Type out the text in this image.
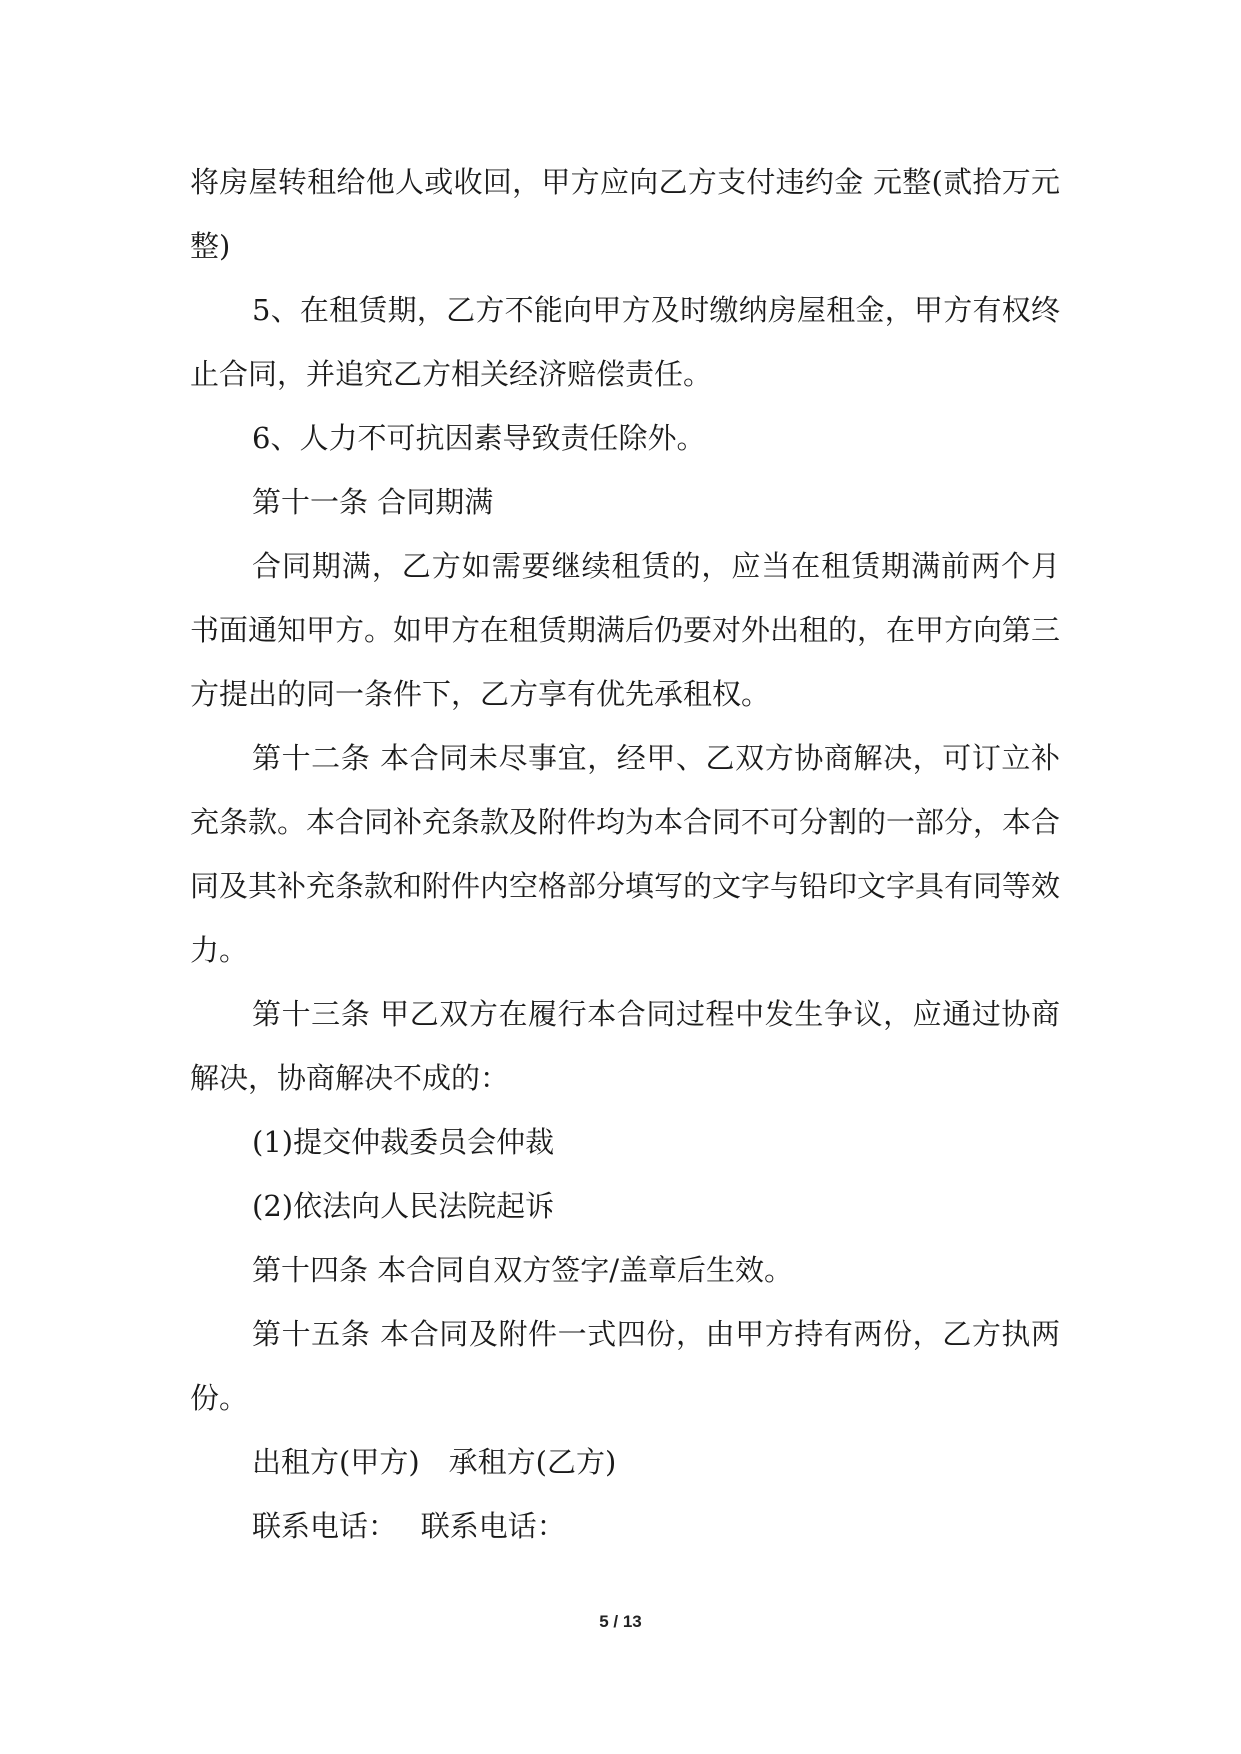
将房屋转租给他人或收回，甲方应向乙方支付违约金 元整(贰拾万元整)

5、在租赁期，乙方不能向甲方及时缴纳房屋租金，甲方有权终止合同，并追究乙方相关经济赔偿责任。

6、人力不可抗因素导致责任除外。

第十一条 合同期满

合同期满，乙方如需要继续租赁的，应当在租赁期满前两个月书面通知甲方。如甲方在租赁期满后仍要对外出租的，在甲方向第三方提出的同一条件下，乙方享有优先承租权。

第十二条 本合同未尽事宜，经甲、乙双方协商解决，可订立补充条款。本合同补充条款及附件均为本合同不可分割的一部分，本合同及其补充条款和附件内空格部分填写的文字与铅印文字具有同等效力。

第十三条 甲乙双方在履行本合同过程中发生争议，应通过协商解决，协商解决不成的：

(1)提交仲裁委员会仲裁

(2)依法向人民法院起诉

第十四条 本合同自双方签字/盖章后生效。

第十五条 本合同及附件一式四份，由甲方持有两份，乙方执两份。

出租方(甲方)　承租方(乙方)

联系电话：　 联系电话：

5 / 13
